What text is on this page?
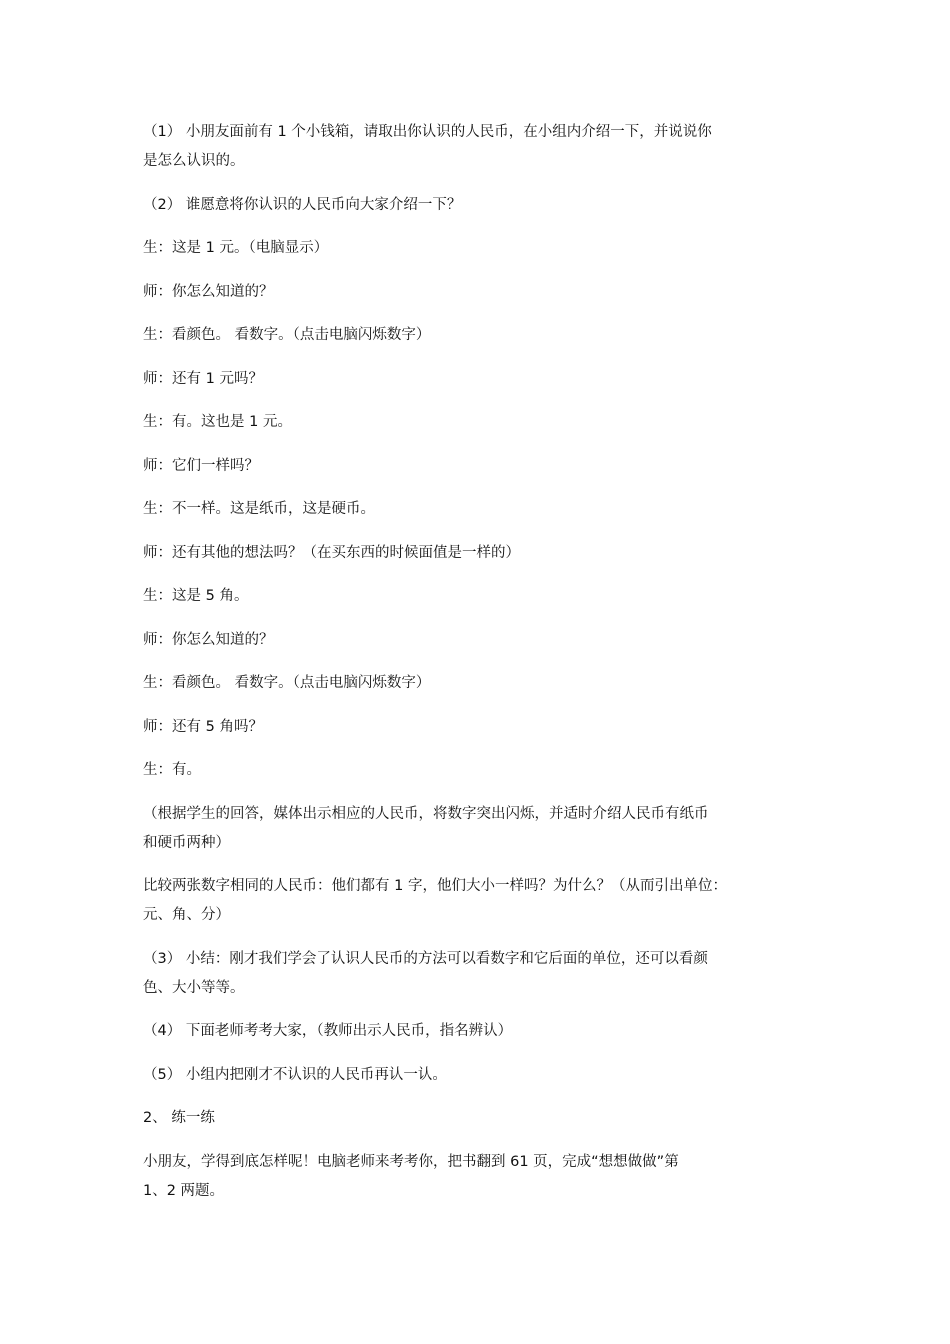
（1） 小朋友面前有 1 个小钱箱，请取出你认识的人民币，在小组内介绍一下，并说说你
是怎么认识的。
（2） 谁愿意将你认识的人民币向大家介绍一下？
生：这是 1 元。（电脑显示）
师：你怎么知道的？
生：看颜色。 看数字。（点击电脑闪烁数字）
师：还有 1 元吗？
生：有。这也是 1 元。
师：它们一样吗？
生：不一样。这是纸币，这是硬币。
师：还有其他的想法吗？（在买东西的时候面值是一样的）
生：这是 5 角。
师：你怎么知道的？
生：看颜色。 看数字。（点击电脑闪烁数字）
师：还有 5 角吗？
生：有。
（根据学生的回答，媒体出示相应的人民币，将数字突出闪烁，并适时介绍人民币有纸币
和硬币两种）
比较两张数字相同的人民币：他们都有 1 字，他们大小一样吗？为什么？（从而引出单位：
元、角、分）
（3） 小结：刚才我们学会了认识人民币的方法可以看数字和它后面的单位，还可以看颜
色、大小等等。
（4） 下面老师考考大家，（教师出示人民币，指名辨认）
（5） 小组内把刚才不认识的人民币再认一认。
2、 练一练
小朋友，学得到底怎样呢！电脑老师来考考你，把书翻到 61 页，完成“想想做做”第
1、2 两题。
